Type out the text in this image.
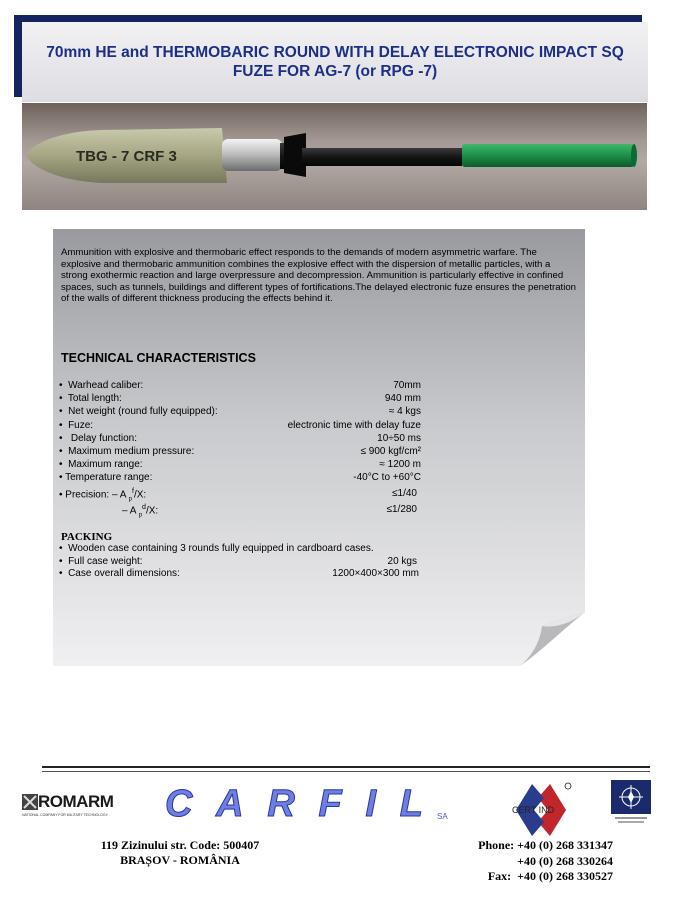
70mm HE and THERMOBARIC ROUND WITH DELAY ELECTRONIC IMPACT SQ FUZE FOR AG-7 (or RPG -7)
TBG - 7 CRF 3
Ammunition with explosive and thermobaric effect responds to the demands of modern asymmetric warfare. The explosive and thermobaric ammunition combines the explosive effect with the dispersion of metallic particles, with a strong exothermic reaction and large overpressure and decompression. Ammunition is particularly effective in confined spaces, such as tunnels, buildings and different types of fortifications.The delayed electronic fuze ensures the penetration of the walls of different thickness producing the effects behind it.
TECHNICAL CHARACTERISTICS
• Warhead caliber:	70mm
• Total length:	940 mm
• Net weight (round fully equipped):	≈ 4 kgs
• Fuze:	electronic time with delay fuze
• Delay function:	10÷50 ms
• Maximum medium pressure:	≤ 900 kgf/cm²
• Maximum range:	≈ 1200 m
• Temperature range:	-40°C to +60°C
• Precision: – A $_p^f$/X:	≤1/40
– A $_p^d$/X:	≤1/280
PACKING
• Wooden case containing 3 rounds fully equipped in cardboard cases.
• Full case weight:	20 kgs
• Case overall dimensions:	1200×400×300 mm
ROMARM
NATIONAL COMPANY FOR MILITARY TECHNOLOGY CARFIL SA
CERT IND
119 Zizinului str. Code: 500407
BRAȘOV - ROMÂNIA
Phone: +40 (0) 268 331347
+40 (0) 268 330264
Fax: +40 (0) 268 330527
